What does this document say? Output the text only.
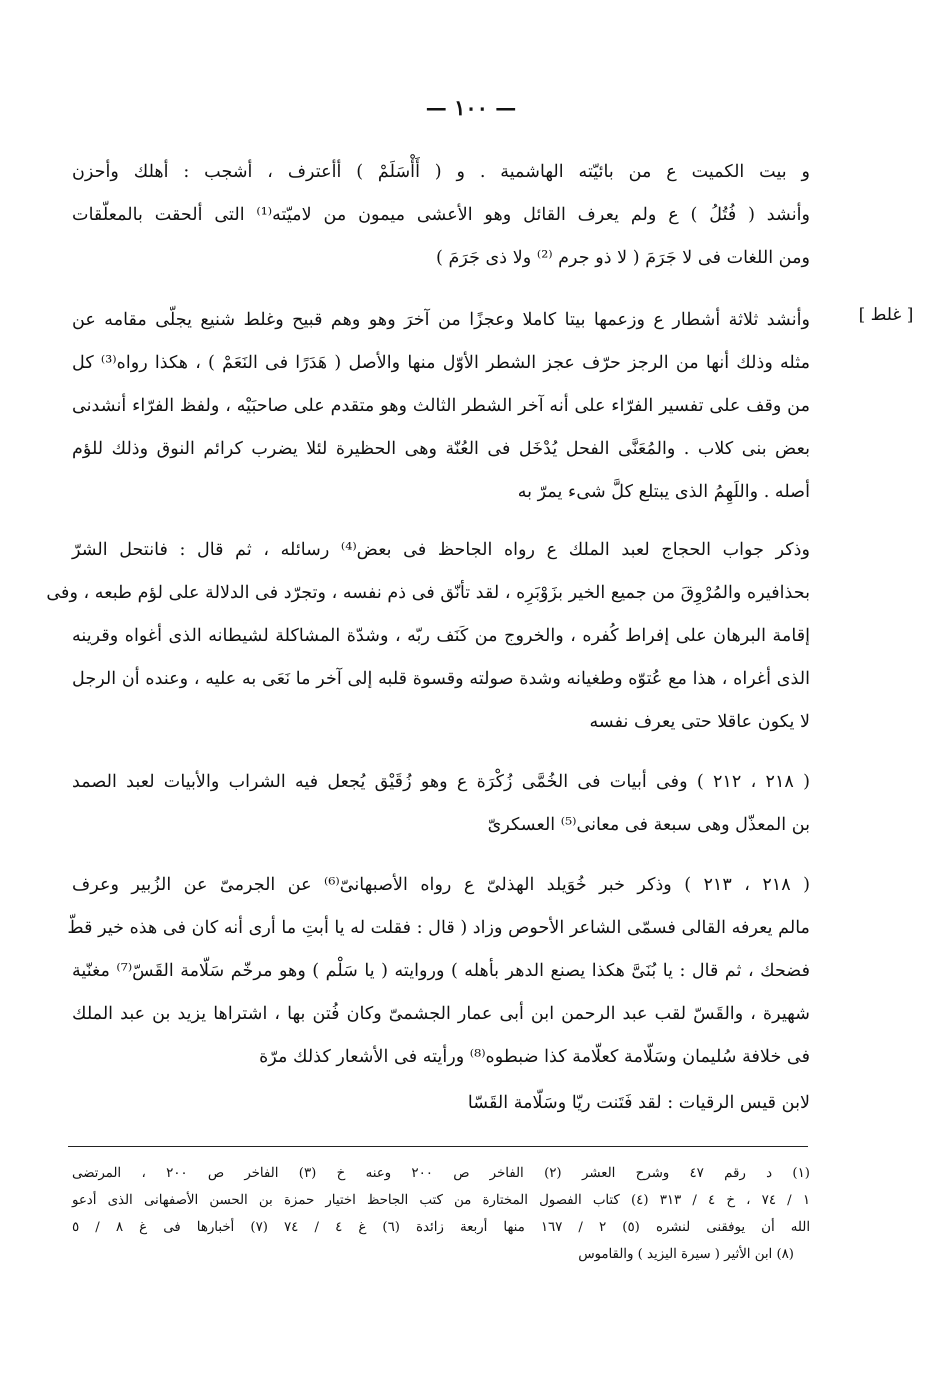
— ١٠٠ —
[ غلط ]
و بيت الكميت ع من بائيّته الهاشمية . و ( أَأْسَلَمْ ) أأعترف ، أشجب : أهلك وأحزن
وأنشد ( فُتُلُ ) ع ولم يعرف القائل وهو الأعشى ميمون من لاميّته⁽¹⁾ التى ألحقت بالمعلّقات
ومن اللغات فى لا جَرَمَ ( لا ذو جرم ⁽²⁾ ولا ذى جَرَمَ )
وأنشد ثلاثة أشطار ع وزعمها بيتا كاملا وعجزًا من آخرَ وهو وهم قبيح وغلط شنيع يجلّى مقامه عن
مثله وذلك أنها من الرجز حرّف عجز الشطر الأوّل منها والأصل ( هَدَرًا فى النَعَمْ ) ، هكذا رواه⁽³⁾ كل
من وقف على تفسير الفرّاء على أنه آخر الشطر الثالث وهو متقدم على صاحبَيْه ، ولفظ الفرّاء أنشدنى
بعض بنى كلاب . والمُعَنَّى الفحل يُدْخَل فى العُنّة وهى الحظيرة لئلا يضرب كرائم النوق وذلك للؤم
أصله . واللَهِمُ الذى يبتلع كلَّ شىء يمرّ به
وذكر جواب الحجاج لعبد الملك ع رواه الجاحظ فى بعض⁽⁴⁾ رسائله ، ثم قال : فانتحل الشرّ
بحذافيره والمُرْوِقَ من جميع الخير بزَوْبَرِه ، لقد تأنّق فى ذم نفسه ، وتجرّد فى الدلالة على لؤم طبعه ، وفى
إقامة البرهان على إفراط كُفره ، والخروج من كَنَف ربّه ، وشدّة المشاكلة لشيطانه الذى أغواه وقرينه
الذى أغراه ، هذا مع عُتوّه وطغيانه وشدة صولته وقسوة قلبه إلى آخر ما نَعَى به عليه ، وعنده أن الرجل
لا يكون عاقلا حتى يعرف نفسه
( ٢١٨ ، ٢١٢ ) وفى أبيات فى الخُمَّى زُكْرَة ع وهو زُقَيْق يُجعل فيه الشراب والأبيات لعبد الصمد
بن المعذّل وهى سبعة فى معانى⁽⁵⁾ العسكرىّ
( ٢١٨ ، ٢١٣ ) وذكر خبر خُوَيلد الهذلىّ ع رواه الأصبهانىّ⁽⁶⁾ عن الجرمىّ عن الزُبير وعرف
مالم يعرفه القالى فسمّى الشاعر الأحوص وزاد ( قال : فقلت له يا أبتِ ما أرى أنه كان فى هذه خير قطّ
فضحك ، ثم قال : يا بُنَىَّ هكذا يصنع الدهر بأهله ) وروايته ( يا سَلْم ) وهو مرخّم سَلّامة القَسّ⁽⁷⁾ مغنّية
شهيرة ، والقَسّ لقب عبد الرحمن ابن أبى عمار الجشمىّ وكان فُتن بها ، اشتراها يزيد بن عبد الملك
فى خلافة سُليمان وسَلّامة كعلّامة كذا ضبطوه⁽⁸⁾ ورأيته فى الأشعار كذلك مرّة
لابن قيس الرقيات : لقد فَتَنت ريّا وسَلّامة القَسّا
(١) د رقم ٤٧ وشرح العشر (٢) الفاخر ص ٢٠٠ وعنه خ (٣) الفاخر ص ٢٠٠ ، المرتضى
١ / ٧٤ ، خ ٤ / ٣١٣ (٤) كتاب الفصول المختارة من كتب الجاحظ اختيار حمزة بن الحسن الأصفهانى الذى أدعو
الله أن يوفقنى لنشره (٥) ٢ / ١٦٧ منها أربعة زائدة (٦) غ ٤ / ٧٤ (٧) أخبارها فى غ ٨ / ٥
(٨) ابن الأثير ( سيرة اليزيد ) والقاموس
